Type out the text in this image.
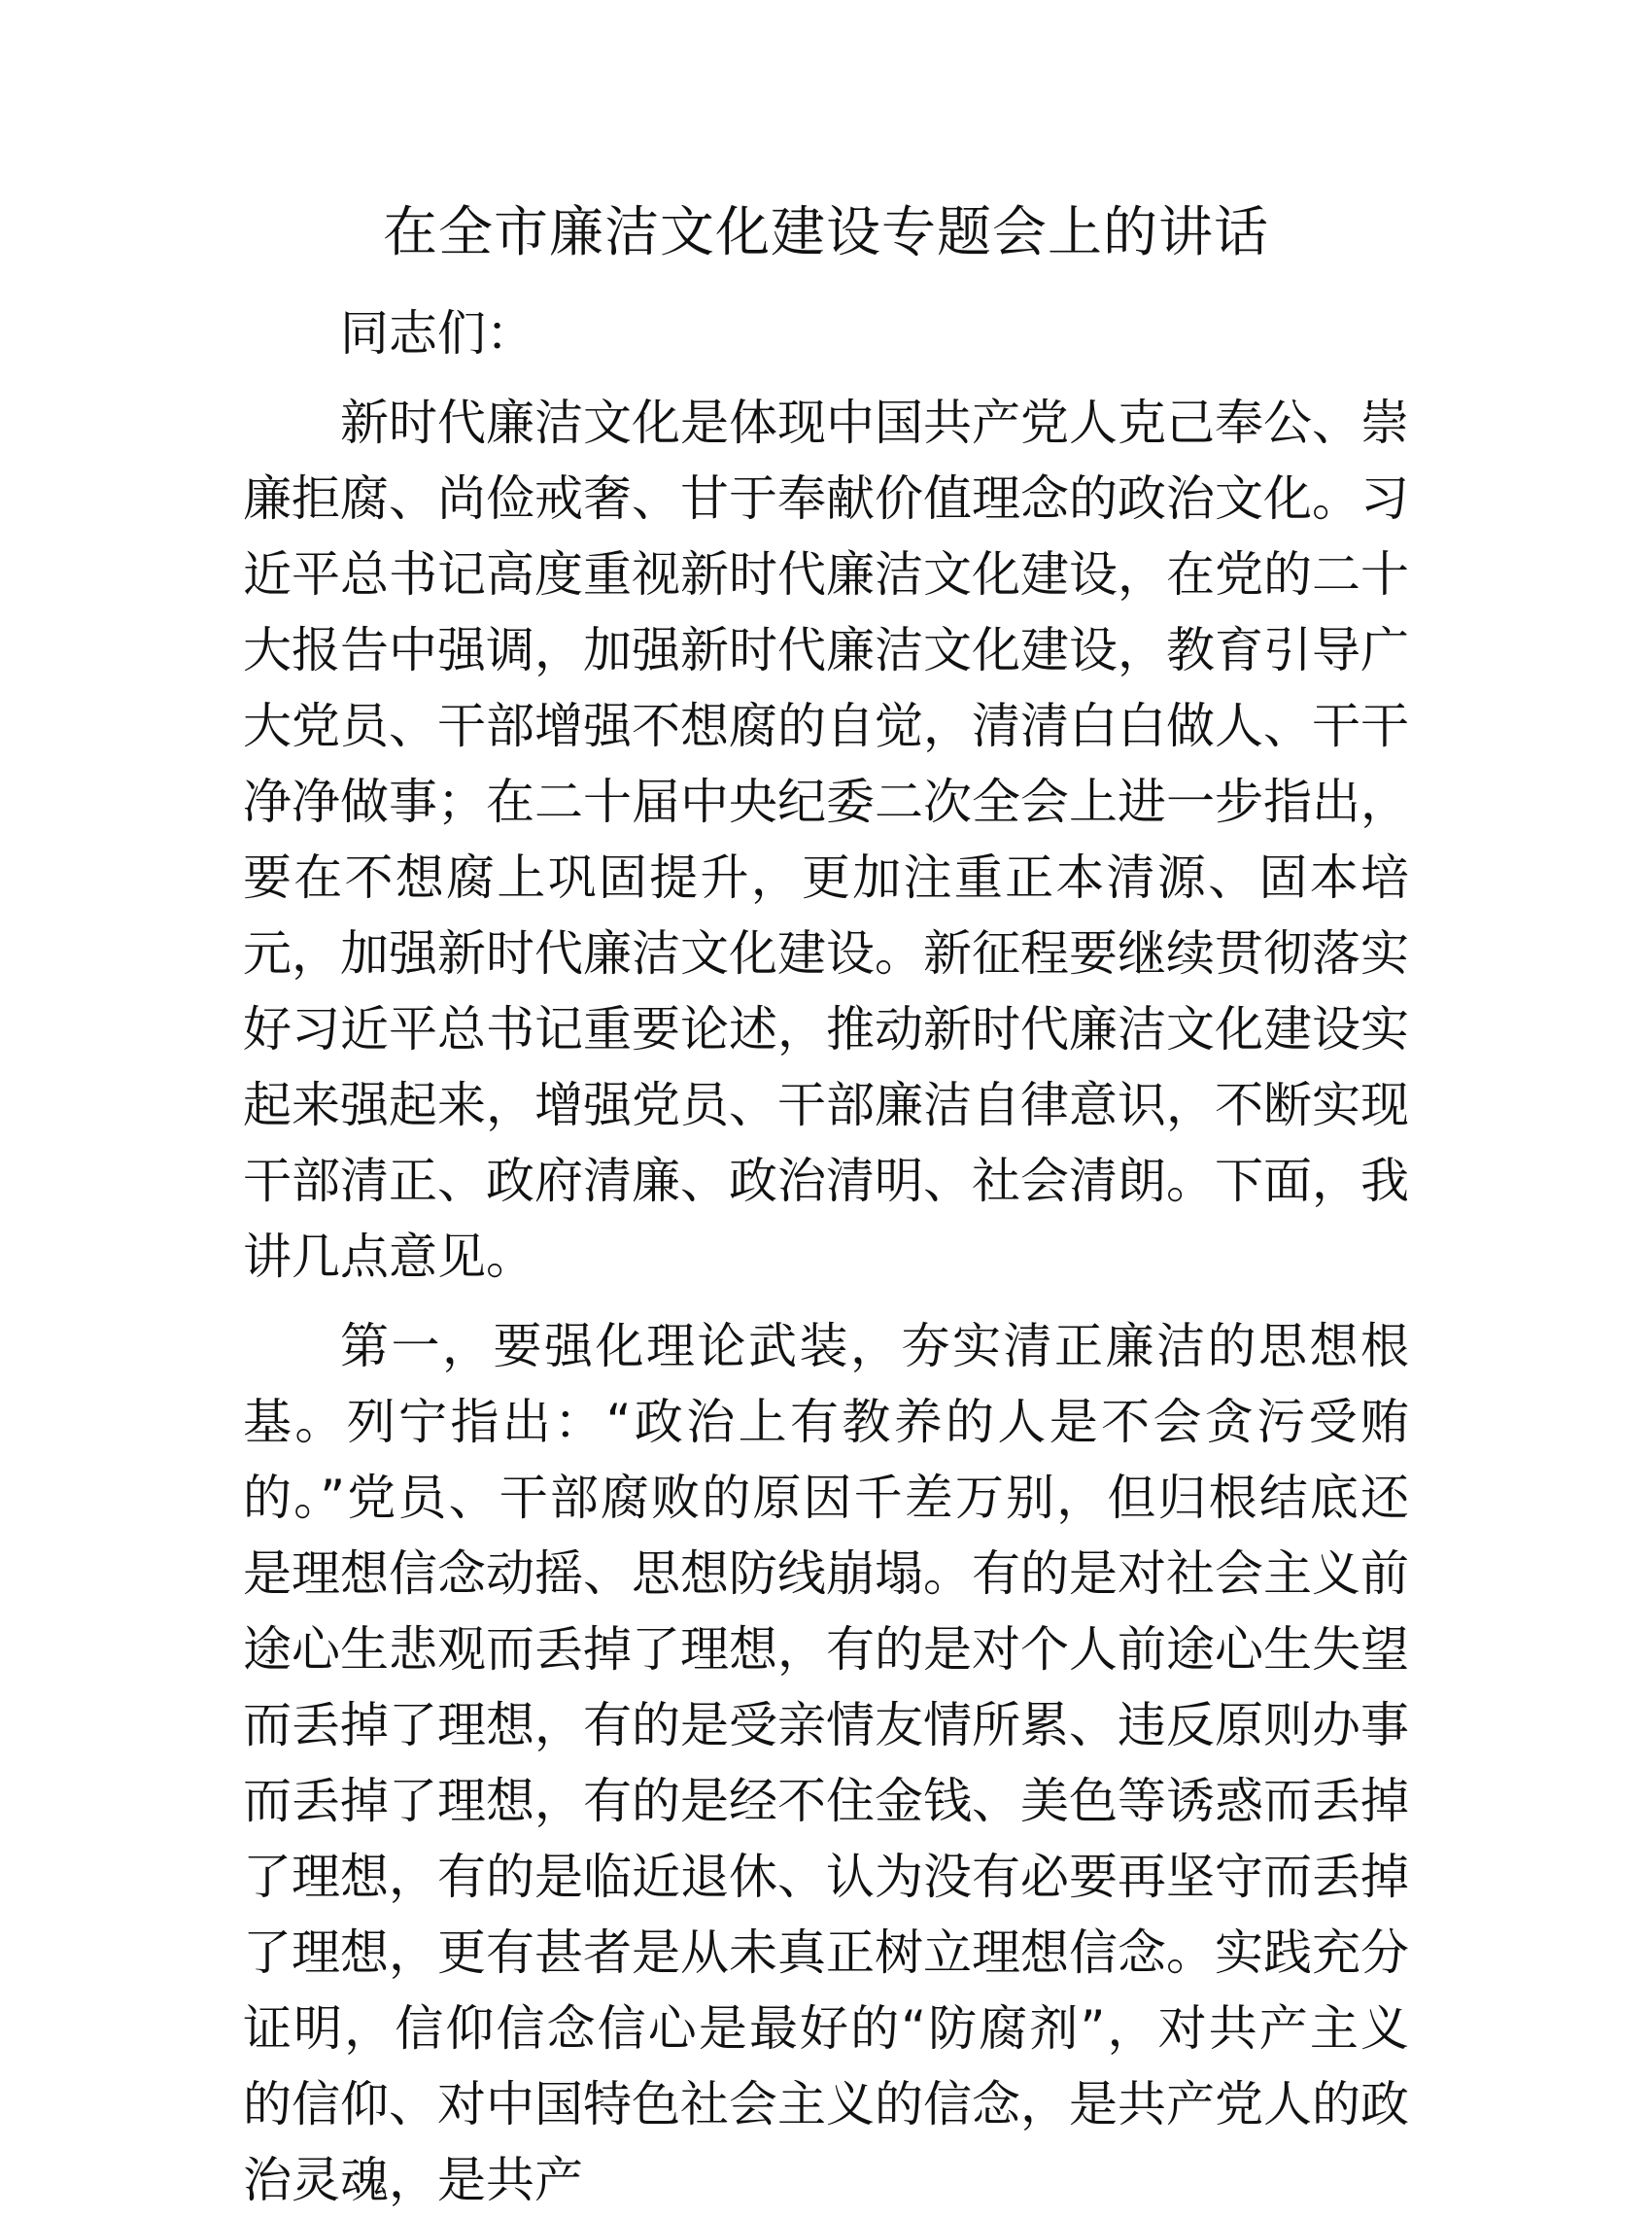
在全市廉洁文化建设专题会上的讲话

同志们：

新时代廉洁文化是体现中国共产党人克己奉公、崇廉拒腐、尚俭戒奢、甘于奉献价值理念的政治文化。习近平总书记高度重视新时代廉洁文化建设，在党的二十大报告中强调，加强新时代廉洁文化建设，教育引导广大党员、干部增强不想腐的自觉，清清白白做人、干干净净做事；在二十届中央纪委二次全会上进一步指出，要在不想腐上巩固提升，更加注重正本清源、固本培元，加强新时代廉洁文化建设。新征程要继续贯彻落实好习近平总书记重要论述，推动新时代廉洁文化建设实起来强起来，增强党员、干部廉洁自律意识，不断实现干部清正、政府清廉、政治清明、社会清朗。下面，我讲几点意见。

第一，要强化理论武装，夯实清正廉洁的思想根基。列宁指出：“政治上有教养的人是不会贪污受贿的。”党员、干部腐败的原因千差万别，但归根结底还是理想信念动摇、思想防线崩塌。有的是对社会主义前途心生悲观而丢掉了理想，有的是对个人前途心生失望而丢掉了理想，有的是受亲情友情所累、违反原则办事而丢掉了理想，有的是经不住金钱、美色等诱惑而丢掉了理想，有的是临近退休、认为没有必要再坚守而丢掉了理想，更有甚者是从未真正树立理想信念。实践充分证明，信仰信念信心是最好的“防腐剂”，对共产主义的信仰、对中国特色社会主义的信念，是共产党人的政治灵魂，是共产
